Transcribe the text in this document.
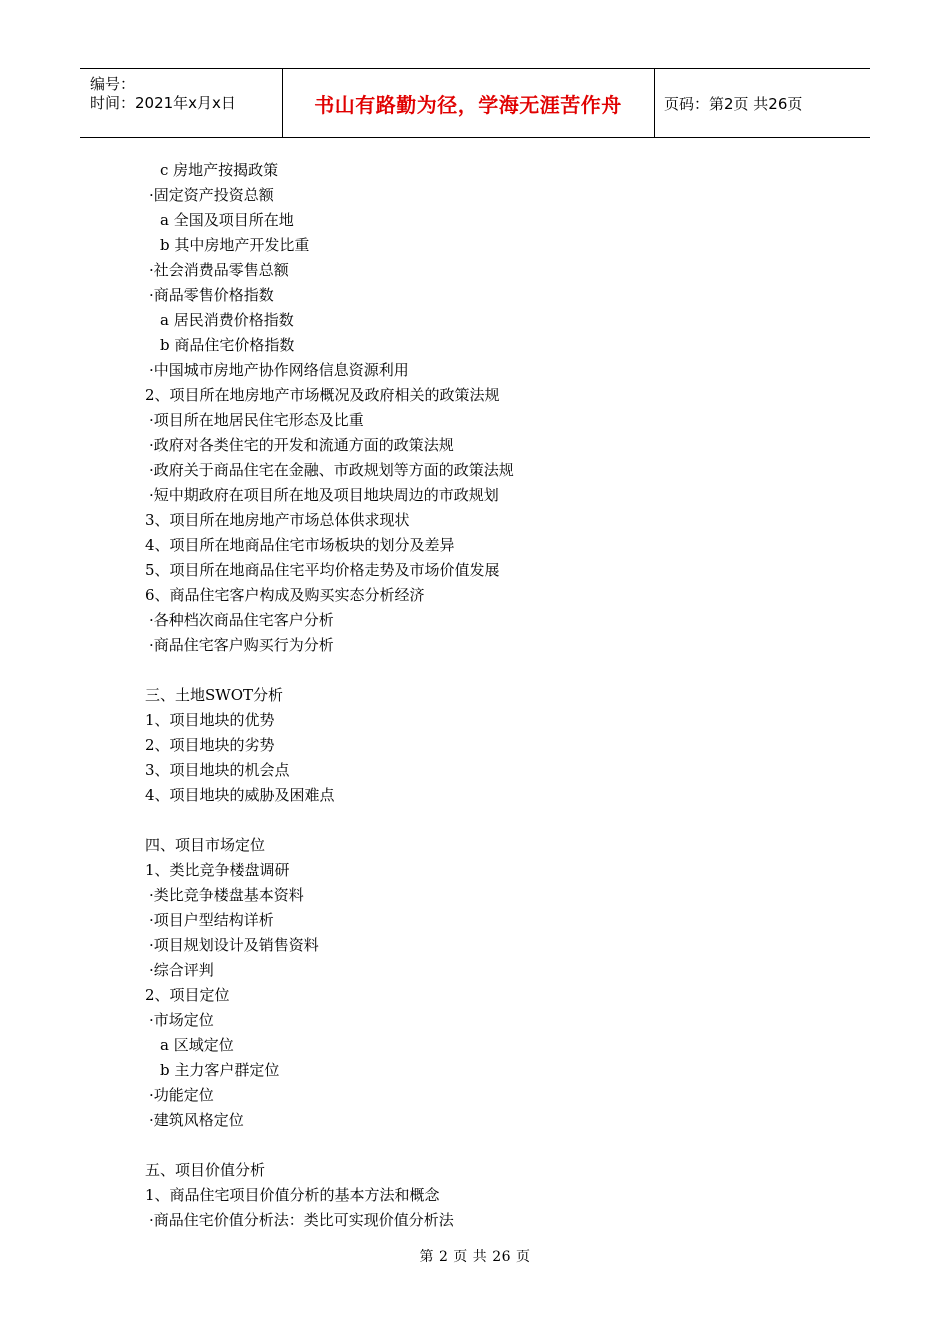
编号：
时间：2021年x月x日	书山有路勤为径，学海无涯苦作舟	页码：第2页 共26页
c 房地产按揭政策
·固定资产投资总额
a 全国及项目所在地
b 其中房地产开发比重
·社会消费品零售总额
·商品零售价格指数
a 居民消费价格指数
b 商品住宅价格指数
·中国城市房地产协作网络信息资源利用
2、项目所在地房地产市场概况及政府相关的政策法规
·项目所在地居民住宅形态及比重
·政府对各类住宅的开发和流通方面的政策法规
·政府关于商品住宅在金融、市政规划等方面的政策法规
·短中期政府在项目所在地及项目地块周边的市政规划
3、项目所在地房地产市场总体供求现状
4、项目所在地商品住宅市场板块的划分及差异
5、项目所在地商品住宅平均价格走势及市场价值发展
6、商品住宅客户构成及购买实态分析经济
·各种档次商品住宅客户分析
·商品住宅客户购买行为分析
三、土地SWOT分析
1、项目地块的优势
2、项目地块的劣势
3、项目地块的机会点
4、项目地块的威胁及困难点
四、项目市场定位
1、类比竞争楼盘调研
·类比竞争楼盘基本资料
·项目户型结构详析
·项目规划设计及销售资料
·综合评判
2、项目定位
·市场定位
a 区域定位
b 主力客户群定位
·功能定位
·建筑风格定位
五、项目价值分析
1、商品住宅项目价值分析的基本方法和概念
·商品住宅价值分析法：类比可实现价值分析法
第 2 页 共 26 页
